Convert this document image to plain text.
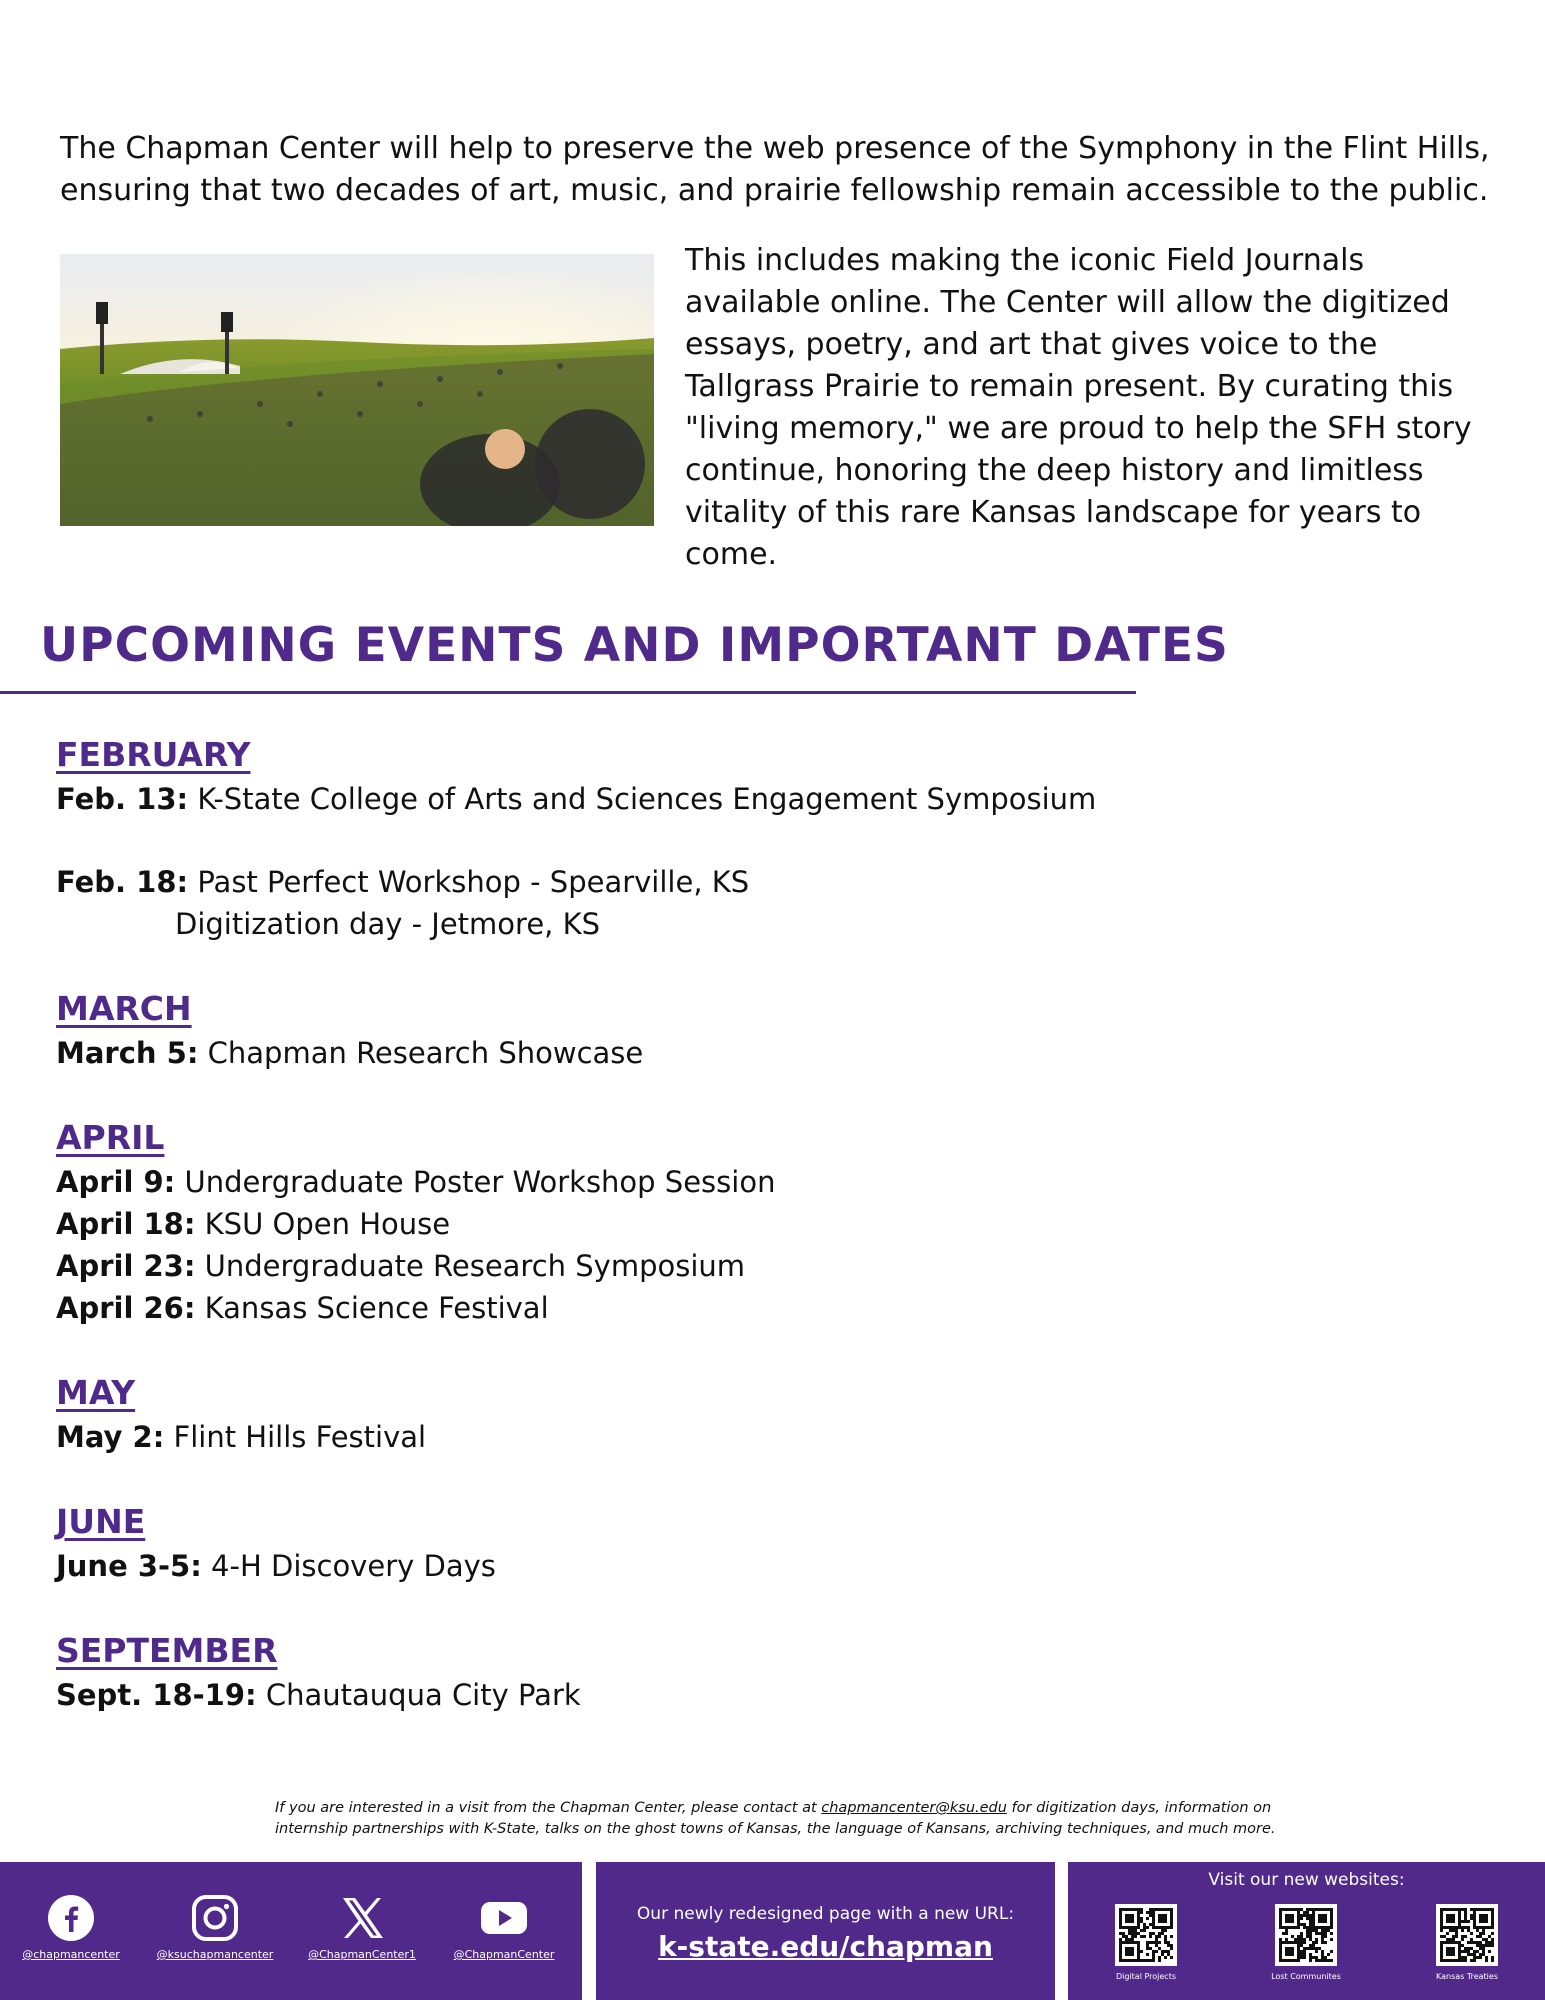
The Chapman Center will help to preserve the web presence of the Symphony in the Flint Hills, ensuring that two decades of art, music, and prairie fellowship remain accessible to the public.

This includes making the iconic Field Journals available online. The Center will allow the digitized essays, poetry, and art that gives voice to the Tallgrass Prairie to remain present. By curating this "living memory," we are proud to help the SFH story continue, honoring the deep history and limitless vitality of this rare Kansas landscape for years to come.

UPCOMING EVENTS AND IMPORTANT DATES
FEBRUARY
Feb. 13: K-State College of Arts and Sciences Engagement Symposium
Feb. 18: Past Perfect Workshop - Spearville, KS
Digitization day - Jetmore, KS
MARCH
March 5: Chapman Research Showcase
APRIL
April 9: Undergraduate Poster Workshop Session
April 18: KSU Open House
April 23: Undergraduate Research Symposium
April 26: Kansas Science Festival
MAY
May 2: Flint Hills Festival
JUNE
June 3-5: 4-H Discovery Days
SEPTEMBER
Sept. 18-19: Chautauqua City Park

If you are interested in a visit from the Chapman Center, please contact at chapmancenter@ksu.edu for digitization days, information on internship partnerships with K-State, talks on the ghost towns of Kansas, the language of Kansans, archiving techniques, and much more.

@chapmancenter	@ksuchapmancenter	@ChapmanCenter1	@ChapmanCenter
Our newly redesigned page with a new URL:
k-state.edu/chapman
Visit our new websites:
Digital Projects	Lost Communites	Kansas Treaties
